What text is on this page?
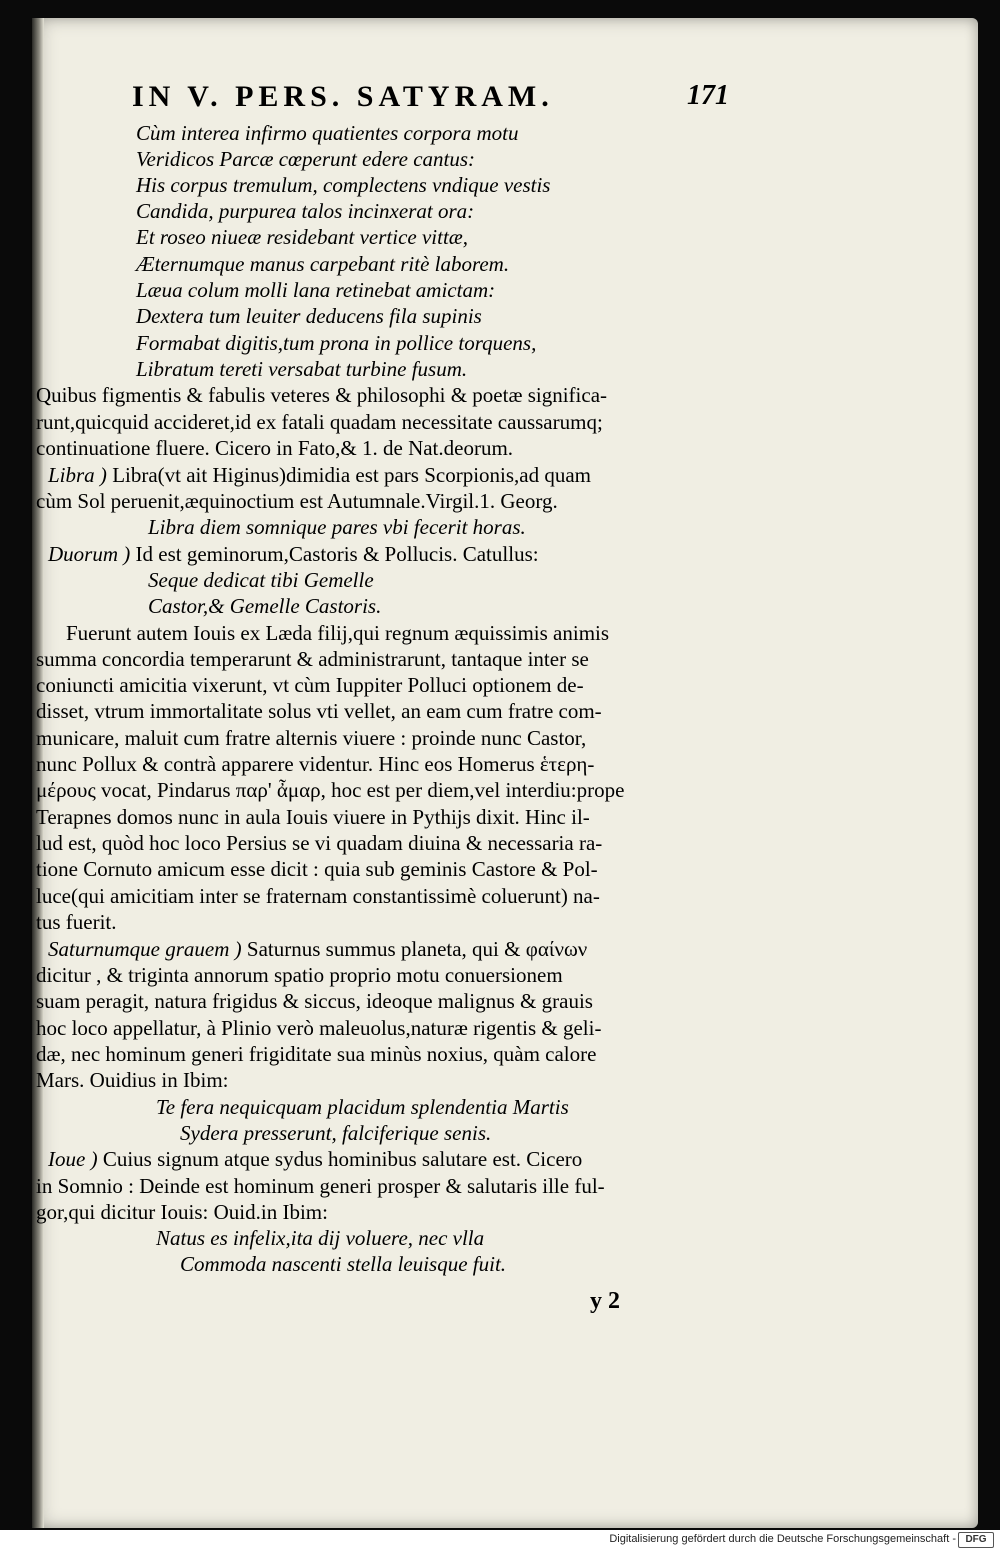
IN V. PERS. SATYRAM.	171
Cùm interea infirmo quatientes corpora motu
Veridicos Parcæ cœperunt edere cantus:
His corpus tremulum, complectens vndique vestis
Candida, purpurea talos incinxerat ora:
Et roseo niueæ residebant vertice vittæ,
Æternumque manus carpebant ritè laborem.
Læua colum molli lana retinebat amictam:
Dextera tum leuiter deducens fila supinis
Formabat digitis,tum prona in pollice torquens,
Libratum tereti versabat turbine fusum.
Quibus figmentis & fabulis veteres & philosophi & poetæ significa-
runt,quicquid accideret,id ex fatali quadam necessitate caussarumq;
continuatione fluere. Cicero in Fato,& 1. de Nat.deorum.
Libra ) Libra(vt ait Higinus)dimidia est pars Scorpionis,ad quam
cùm Sol peruenit,æquinoctium est Autumnale.Virgil.1. Georg.
Libra diem somnique pares vbi fecerit horas.
Duorum ) Id est geminorum,Castoris & Pollucis. Catullus:
Seque dedicat tibi Gemelle
Castor,& Gemelle Castoris.
Fuerunt autem Iouis ex Læda filij,qui regnum æquissimis animis
summa concordia temperarunt & administrarunt, tantaque inter se
coniuncti amicitia vixerunt, vt cùm Iuppiter Polluci optionem de-
disset, vtrum immortalitate solus vti vellet, an eam cum fratre com-
municare, maluit cum fratre alternis viuere : proinde nunc Castor,
nunc Pollux & contrà apparere videntur. Hinc eos Homerus ἑτερη-
μέρους vocat, Pindarus παρ' ἆμαρ, hoc est per diem,vel interdiu:prope
Terapnes domos nunc in aula Iouis viuere in Pythijs dixit. Hinc il-
lud est, quòd hoc loco Persius se vi quadam diuina & necessaria ra-
tione Cornuto amicum esse dicit : quia sub geminis Castore & Pol-
luce(qui amicitiam inter se fraternam constantissimè coluerunt) na-
tus fuerit.
Saturnumque grauem ) Saturnus summus planeta, qui & φαίνων
dicitur , & triginta annorum spatio proprio motu conuersionem
suam peragit, natura frigidus & siccus, ideoque malignus & grauis
hoc loco appellatur, à Plinio verò maleuolus,naturæ rigentis & geli-
dæ, nec hominum generi frigiditate sua minùs noxius, quàm calore
Mars. Ouidius in Ibim:
Te fera nequicquam placidum splendentia Martis
Sydera presserunt, falciferique senis.
Ioue ) Cuius signum atque sydus hominibus salutare est. Cicero
in Somnio : Deinde est hominum generi prosper & salutaris ille ful-
gor,qui dicitur Iouis: Ouid.in Ibim:
Natus es infelix,ita dij voluere, nec vlla
Commoda nascenti stella leuisque fuit.
y 2
Digitalisierung gefördert durch die Deutsche Forschungsgemeinschaft - DFG
